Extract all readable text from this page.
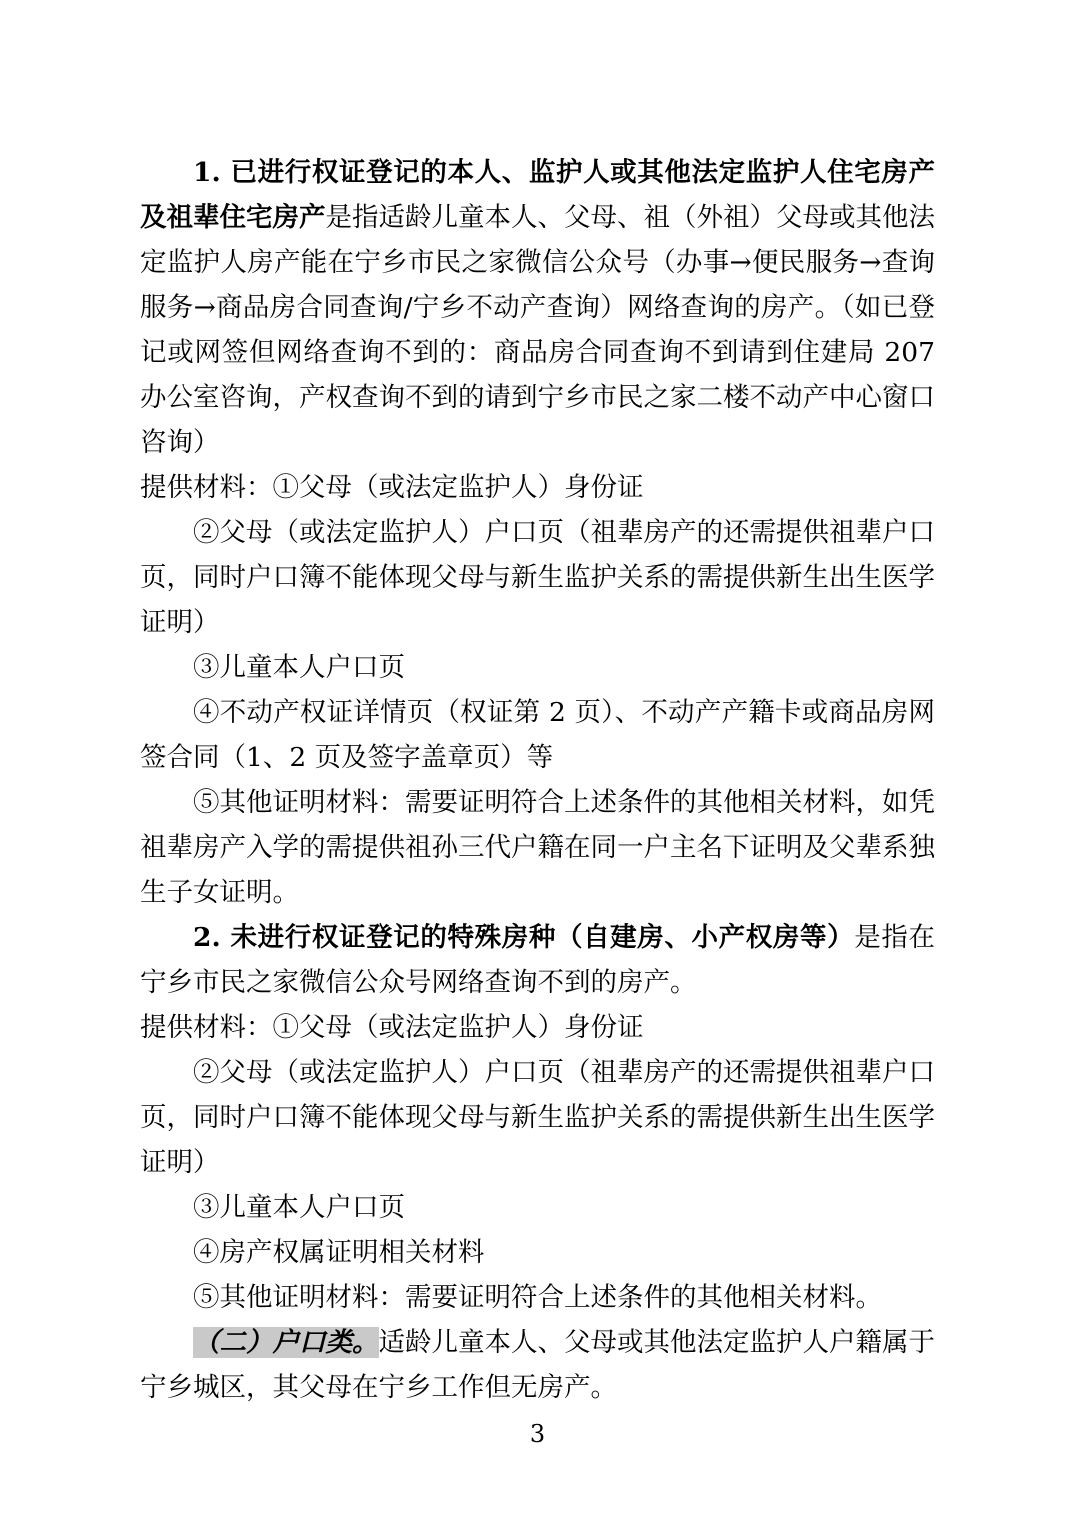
1. 已进行权证登记的本人、监护人或其他法定监护人住宅房产及祖辈住宅房产是指适龄儿童本人、父母、祖（外祖）父母或其他法定监护人房产能在宁乡市民之家微信公众号（办事→便民服务→查询服务→商品房合同查询/宁乡不动产查询）网络查询的房产。（如已登记或网签但网络查询不到的：商品房合同查询不到请到住建局 207 办公室咨询，产权查询不到的请到宁乡市民之家二楼不动产中心窗口咨询）

提供材料：①父母（或法定监护人）身份证

②父母（或法定监护人）户口页（祖辈房产的还需提供祖辈户口页，同时户口簿不能体现父母与新生监护关系的需提供新生出生医学证明）

③儿童本人户口页

④不动产权证详情页（权证第 2 页）、不动产产籍卡或商品房网签合同（1、2 页及签字盖章页）等

⑤其他证明材料：需要证明符合上述条件的其他相关材料，如凭祖辈房产入学的需提供祖孙三代户籍在同一户主名下证明及父辈系独生子女证明。

2. 未进行权证登记的特殊房种（自建房、小产权房等）是指在宁乡市民之家微信公众号网络查询不到的房产。

提供材料：①父母（或法定监护人）身份证

②父母（或法定监护人）户口页（祖辈房产的还需提供祖辈户口页，同时户口簿不能体现父母与新生监护关系的需提供新生出生医学证明）

③儿童本人户口页

④房产权属证明相关材料

⑤其他证明材料：需要证明符合上述条件的其他相关材料。

（二）户口类。适龄儿童本人、父母或其他法定监护人户籍属于宁乡城区，其父母在宁乡工作但无房产。

3
